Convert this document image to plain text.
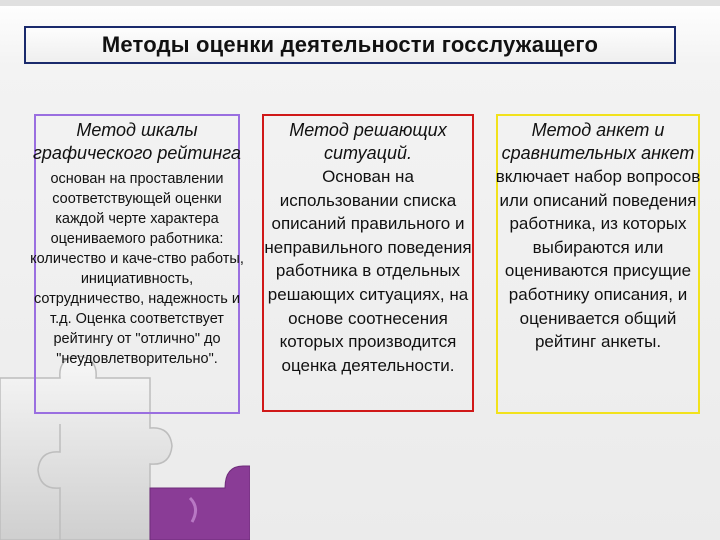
Методы оценки деятельности госслужащего

Метод шкалы графического рейтинга

основан на проставлении соответствующей оценки каждой черте характера оцениваемого работника: количество и каче-ство работы, инициативность, сотрудничество, надежность и т.д. Оценка соответствует рейтингу от "отлично" до "неудовлетворительно".

Метод решающих ситуаций.

Основан на использовании списка описаний правильного и неправильного поведения работника в отдельных решающих ситуациях, на основе соотнесения которых производится оценка деятельности.

Метод анкет и сравнительных анкет

включает набор вопросов или описаний поведения работника, из которых выбираются или оцениваются присущие работнику описания, и оценивается общий рейтинг анкеты.
